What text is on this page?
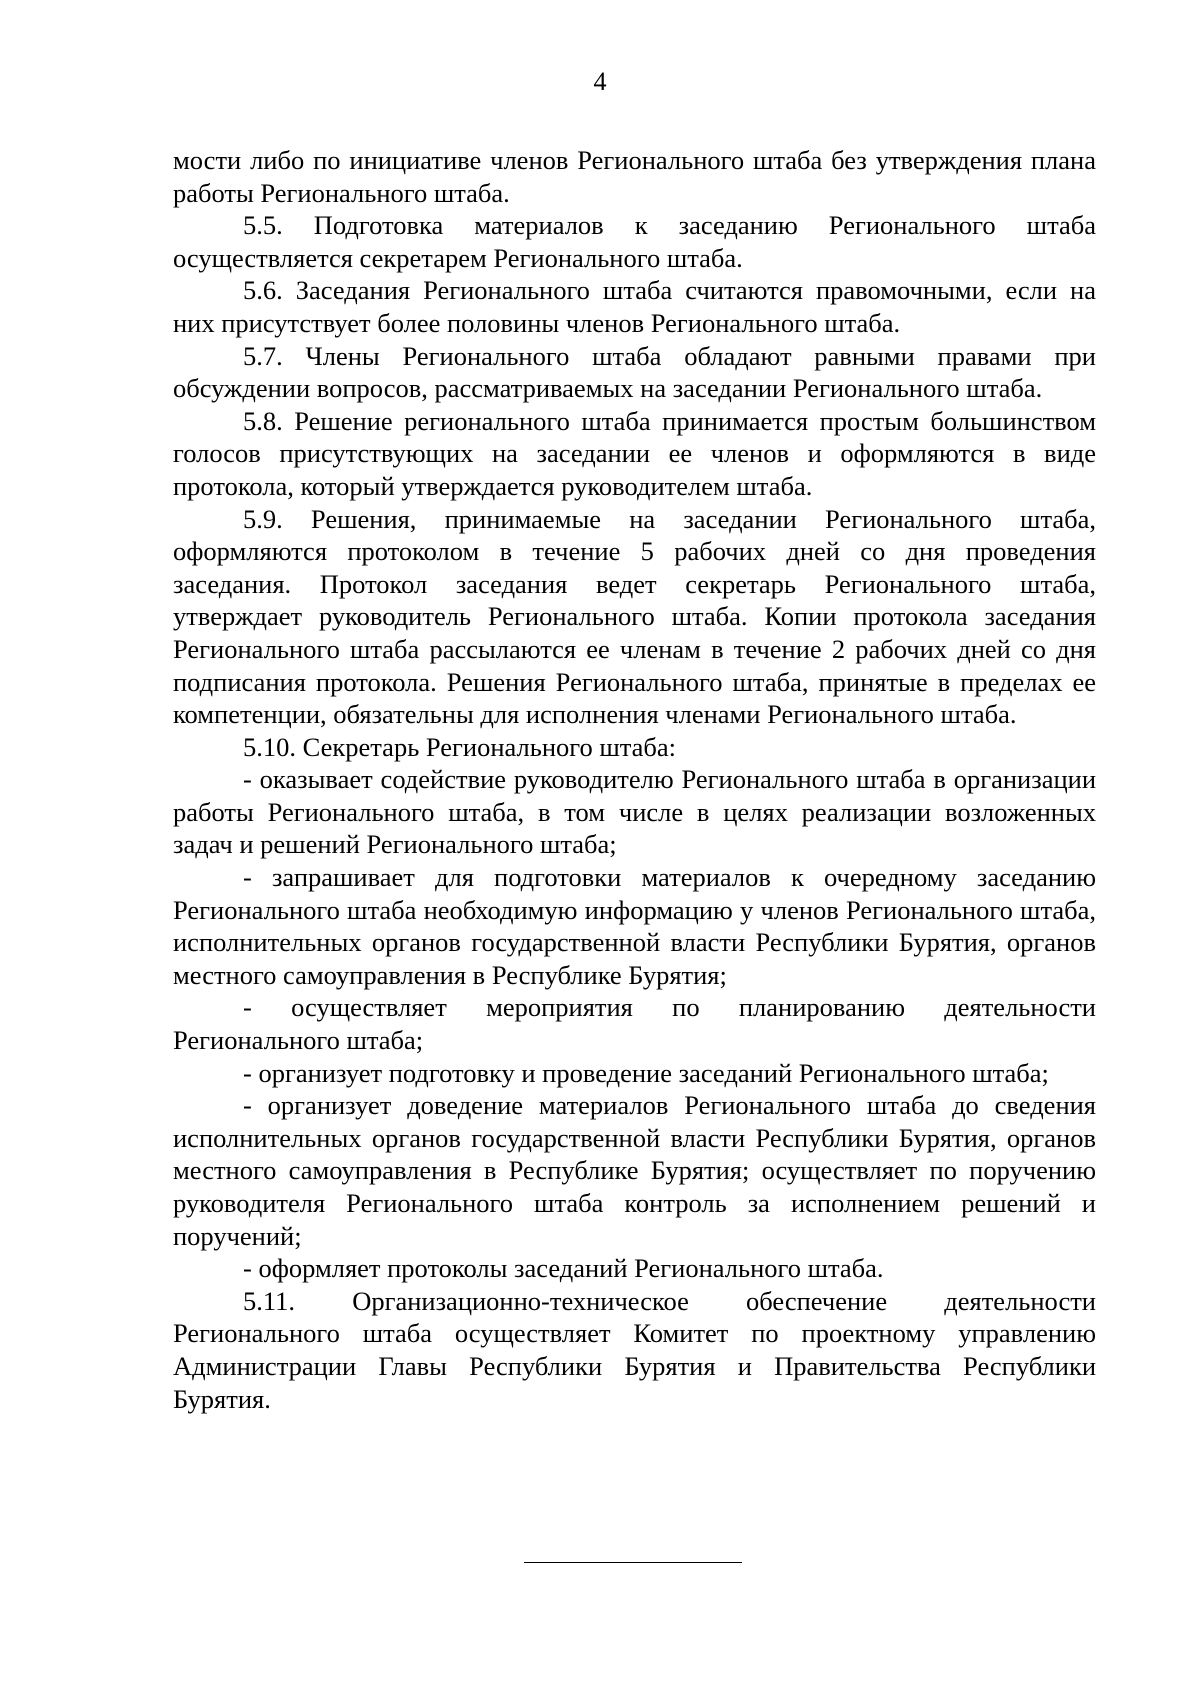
4

мости либо по инициативе членов Регионального штаба без утверждения плана работы Регионального штаба.

5.5. Подготовка материалов к заседанию Регионального штаба осуществляется секретарем Регионального штаба.

5.6. Заседания Регионального штаба считаются правомочными, если на них присутствует более половины членов Регионального штаба.

5.7. Члены Регионального штаба обладают равными правами при обсуждении вопросов, рассматриваемых на заседании Регионального штаба.

5.8. Решение регионального штаба принимается простым большинством голосов присутствующих на заседании ее членов и оформляются в виде протокола, который утверждается руководителем штаба.

5.9. Решения, принимаемые на заседании Регионального штаба, оформляются протоколом в течение 5 рабочих дней со дня проведения заседания. Протокол заседания ведет секретарь Регионального штаба, утверждает руководитель Регионального штаба. Копии протокола заседания Регионального штаба рассылаются ее членам в течение 2 рабочих дней со дня подписания протокола. Решения Регионального штаба, принятые в пределах ее компетенции, обязательны для исполнения членами Регионального штаба.

5.10. Секретарь Регионального штаба:

- оказывает содействие руководителю Регионального штаба в организации работы Регионального штаба, в том числе в целях реализации возложенных задач и решений Регионального штаба;

- запрашивает для подготовки материалов к очередному заседанию Регионального штаба необходимую информацию у членов Регионального штаба, исполнительных органов государственной власти Республики Бурятия, органов местного самоуправления в Республике Бурятия;

- осуществляет мероприятия по планированию деятельности Регионального штаба;

- организует подготовку и проведение заседаний Регионального штаба;

- организует доведение материалов Регионального штаба до сведения исполнительных органов государственной власти Республики Бурятия, органов местного самоуправления в Республике Бурятия; осуществляет по поручению руководителя Регионального штаба контроль за исполнением решений и поручений;

- оформляет протоколы заседаний Регионального штаба.

5.11. Организационно-техническое обеспечение деятельности Регионального штаба осуществляет Комитет по проектному управлению Администрации Главы Республики Бурятия и Правительства Республики Бурятия.
